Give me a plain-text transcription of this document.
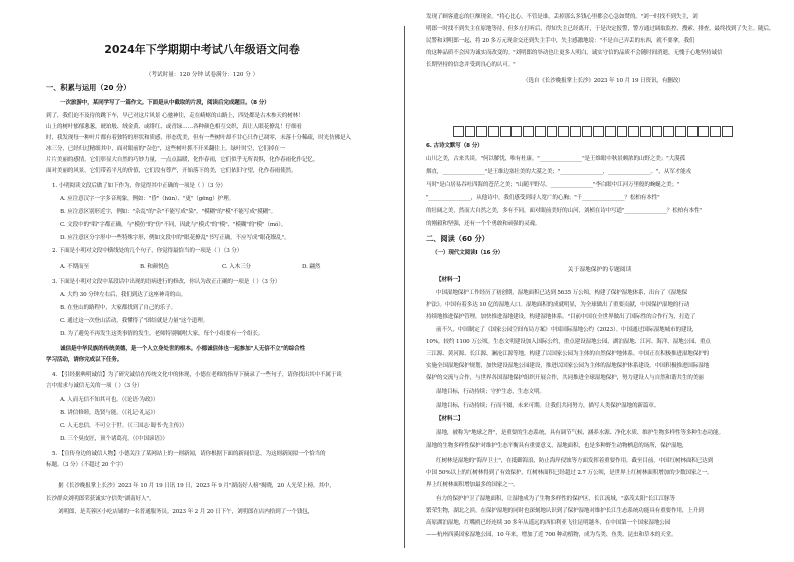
2024年下学期期中考试八年级语文问卷
（考试时量：120 分钟 试卷满分：120 分 ）
一、积累与运用（20 分）
一次旅游中，某同学写了一篇作文。下面是从中截取的片段，阅读后完成题目。（8 分）
到了，我们迫不及待的跳下车，早已对这片风景 心驰神往，走在崎岖的山路上，四处都是古木参天的树林！
山上的树叶郁郁葱葱，琥珀般、绒金黄、或绯红、或青绿……各种颜色相互交织，真让人眼花撩乱！仔细看
时，我发现每一种叶片都有着独特的形状和质感，形态优美，但有一些树叶却不甘心只作已凋零，未落十分稀疏，时光仿佛是入
冰三分，已经归过精细其中，面对眼前的"杂色"，这些树叶抓不开米翻往上。绿叶时空，它们掉在一
片片美丽的感情，它们彰显大自然的巧妙力量，一点点温暖，化作春雨，它们似乎无所畏惧，化作春雨化作记忆。
面对美丽的风景，它们带着平凡的价值，它们没有尊严，开始落下的美，它们依旧守望，化作春雨使然。
1. 小明阅读文段后做了如下作为，你觉得其中正确的一项是（ ）（3 分）
A. 应注意汉字一字多音现象，例如："昏"（hūn）、"更"（gēng）护理。
B. 应注意区别形近字，例如："杂乱"的"杂"不能写成"染"，"模糊"的"模"不能写成"摸糊"。
C. 文段中的"唱"字都正确，与"模仿"的"仿"不同，因此与"模式"的"模"、"模糊"的"模"（mó）。
D. 应注意区分字形中一些特殊字形，例如文段中的"眼花撩乱"书写正确，不应写成"眼花缭乱"。
2. 下面是小明对文段中横线处的几个句子，你觉得最恰当的一项是（ ）（3 分）
A. 不期而至	B. 和颜悦色	C. 入木三分	D. 翩然
3. 下面是小明对文段中某段话中出现的语病进行的修改，你认为改正正确的一项是（ ）（3 分）
A. 大约 30 分钟左右后，我们到达了这座神奇的山。
B. 在登山的路程中，大家都找到了自己的乐子。
C. 通过这一次登山活动，我懂得了"团结就是力量"这个道理。
D. 为了避免不再发生这类事情的发生，老师特别嘱咐大家，每个小组要有一个组长。
诚信是中华民族的传统美德，是一个人立身处世的根本。小德诚信体也一起参加"人无信不立"的综合性
学习活动，请你完成以下任务。
4. 【引经据典明诚信】为了研究诚信在传统文化中的体现，小德在老师的指导下摘录了一些句子，请你找出其中不属于谈
言中需求与诚信无关的一项（ ）（3 分）
A. 人而无信不知其可也。（《论语·为政》）
B. 讲信修睦，选贤与能。（《礼记·礼运》）
C. 人无忠信，不可立于世。（《三国志·蜀书·先主传》）
D. 三个臭皮匠，顶个诸葛亮。（《中国谚语》）
5. 【宣传身边的诚信人物】小德关注了某网站上的一则新闻，请你根据下面的新闻信息，为这则新闻拟一个恰当的
标题。（3 分）（不超过 20 个字）
据《长沙晚报掌上长沙》2023 年 10 月 19 日讯 19 日，2023 年 9 月"湖南好人榜"揭晓，20 人光荣上榜。其中，
长沙群众刘明郎荣获诚实守信类"湖南好人"。
刘明郎，是芙蓉区小吃店铺的一名普通服务员。2023 年 2 月 20 日下午，刘明郎在店内拾到了一个钱包，
发现了顾客遗忘的巨额现金。"将心比心，不管是谁，丢掉那么多钱心里都会心急如焚的。"刘一时找不到失主，刘
明郎一时找不到失主在原地等待，但多方打听后，得知失主已经离开，于是决定报警，警方通过调取监控、搜索、排查，最终找到了失主。随后，
民警和刘明郎一起，将 20 多万元现金交还到失主手中，失主感激地说："不是自己弄丢的东西，就不要拿，我们
的这种品质不会因为诚实而改变的。"刘明郎的举动也让更多人明白，诚实守信的品质不会随时间消逝，无愧于心地坚持诚信
长期坚持的信念并受到良心的认可。"
（选自《长沙晚报掌上长沙》2023 年 10 月 19 日资讯，有删改）
6. 古诗文默写（8 分）
山川之美，古来共谈。"何以解忧，唯有杜康。"________________"是王维眼中秋景颇浓的山野之美；"大漠孤
烟直，________________"是王维边塞壮美的大漠之美；"________________，________________。"，从军才能戎
马时"是白居易吞吐四海的苍茫之美；"山随平野尽，________________"李白眼中江河万里般的蜿蜒之美；"
"________________，从他诗中，我们感受到诗人宽广的心胸；"千________________？松柏有本性"
的壮阔之美，然而大自然之美，多有不同，面对眼前美好的山河，刘桢在诗中写道"________________？松柏有本性"
的刚毅和坚强，还有一个个勇敢和顽强的灵魂。
二、阅读（60 分）
（一）现代文阅读Ⅰ（16 分）
关于湿地保护的专题阅读
【材料一】
中国湿地保护工作经历了初创期，湿地面积已达到 5635 万公顷，构建了保护湿地体系，出台了《湿地保
护法》。中国有着多达 10 亿的湿地人口。湿地面积的成就明显，为全球做出了重要贡献，中国保护湿地的行动
持续地推进保护管理，加快推进湿地建设，构建湿地体系。"目前中国在全世界做出了国际性的合作行为，打造了
前不久，中国制定了《国家公园空间布局方案》中国国际湿地公约（2023）。中国通过国际湿地城市的建设，
10%，较约 1100 万公顷。生态文明建设加入国际公约，重点建设湿地公园、湖泊湿地、江河、海洋、湿地公园、重点
三江源、黄河源、长江源、澜沧江源等地，构建了以国家公园为主体的自然保护地体系。中国正在积极推进湿地保护的
实施全国湿地保护规划，加快建设湿地公园建设，推进以国家公园为主体的湿地保护体系建设。中国积极推进国际湿地
保护的交流与合作，与世界各国湿地保护组织开展合作，共同推进全球湿地保护，努力建设人与自然和谐共生的美丽
湿地目标，行动持续；守护生态，生态文明。
湿地目标，行动持续；行而不辍，未来可期。让我们共同努力，描写人类保护湿地的新篇章。
【材料二】
湿地，被称为"地球之肾"，是重要的生态系统，具有调节气候、涵养水源、净化水质、维护生物多样性等多种生态功能。
湿地的生物多样性保护对维护生态平衡具有重要意义，湿地面积，也是多种野生动物栖息的场所，保护湿地，
红树林是湿地的"海岸卫士"，在抵御海浪、防止海岸侵蚀等方面发挥着重要作用。截至目前，中国红树林面积已达到
中国 50%以上的红树林得到了有效保护，红树林面积已经超过 2.7 万公顷，是世界上红树林面积增加的少数国家之一。
界上红树林面积增加最多的国家之一。
有力的保护护卫了湿地面积，让湿地成为了生物多样性的保护区，长江流域，"嘉茂太阳"长江江豚等
繁荣生物，湖北之滨，在保护湿地的同时也深刻地认识到了保护湿地对维护长江生态系统功能具有重要作用，上升到
高原湖泊湿地，红嘴鸥已经连续 30 多年从遥远的西伯利亚飞往昆明越冬，在中国第一个国家湿地公园
——杭州西溪国家湿地公园，10 年来，增加了近 700 种动植物，成为鸟类、鱼类、昆虫和草本的天堂。
